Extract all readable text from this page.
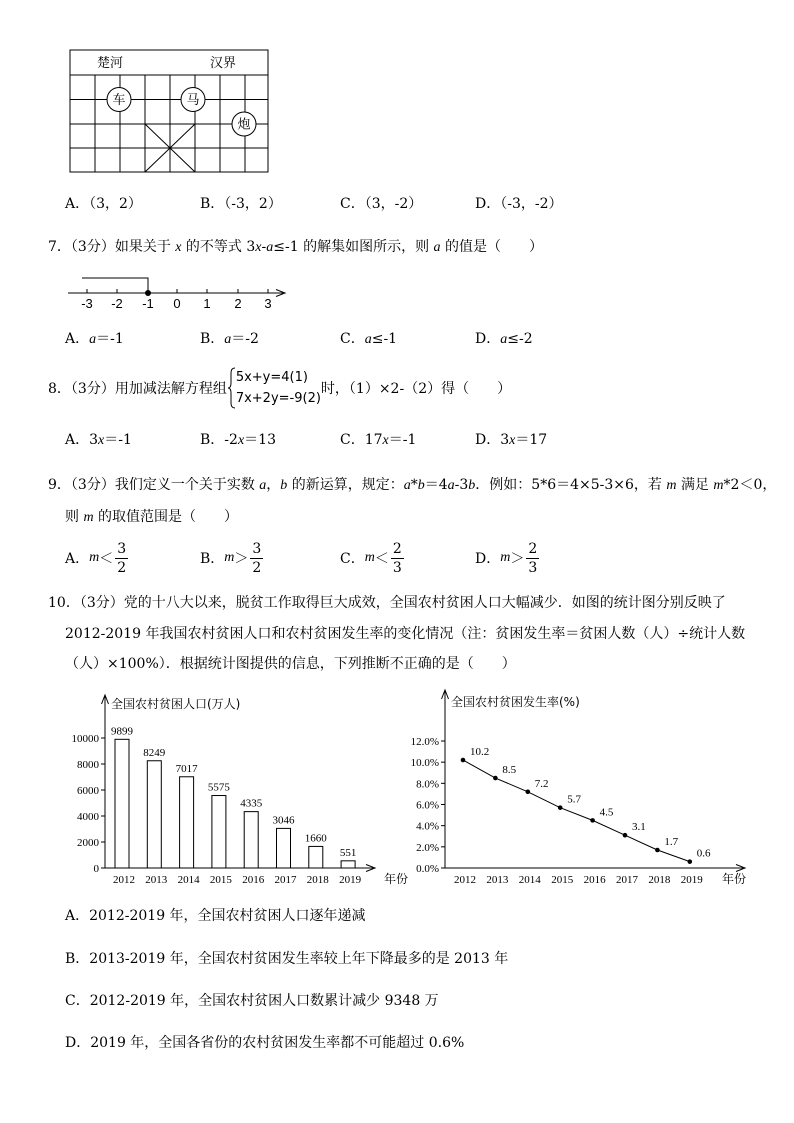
楚河	汉界
车	马
炮
A．（3，2）	B．（-3，2）	C．（3，-2）	D．（-3，-2）
7．（3分）如果关于 x 的不等式 3x-a≤-1 的解集如图所示，则 a 的值是（　　）
-3 -2 -1 0 1 2 3
A．a＝-1	B．a＝-2	C．a≤-1	D．a≤-2
8．（3分）用加减法解方程组
5x+y=4(1)
7x+2y=-9(2)
时，（1）×2-（2）得（　　）
A．3x＝-1	B．-2x＝13	C．17x＝-1	D．3x＝17
9．（3分）我们定义一个关于实数 a，b 的新运算，规定：a*b＝4a-3b．例如：5*6＝4×5-3×6，若 m 满足 m*2＜0，
则 m 的取值范围是（　　）
A． $m < \frac{3}{2}$	B． $m > \frac{3}{2}$	C． $m < \frac{2}{3}$	D． $m > \frac{2}{3}$
10．（3分）党的十八大以来，脱贫工作取得巨大成效，全国农村贫困人口大幅减少．如图的统计图分别反映了
2012-2019 年我国农村贫困人口和农村贫困发生率的变化情况（注：贫困发生率＝贫困人数（人）÷统计人数
（人）×100%）．根据统计图提供的信息，下列推断不正确的是（　　）
全国农村贫困人口(万人)
年份
0
2000
4000
6000
8000
10000
9899
2012
8249
2013
7017
2014
5575
2015
4335
2016
3046
2017
1660
2018
551
2019
全国农村贫困发生率(%)
年份
0.0%
2.0%
4.0%
6.0%
8.0%
10.0%
12.0%
10.2
2012
8.5
2013
7.2
2014
5.7
2015
4.5
2016
3.1
2017
1.7
2018
0.6
2019
A．2012-2019 年，全国农村贫困人口逐年递减
B．2013-2019 年，全国农村贫困发生率较上年下降最多的是 2013 年
C．2012-2019 年，全国农村贫困人口数累计减少 9348 万
D．2019 年，全国各省份的农村贫困发生率都不可能超过 0.6%
